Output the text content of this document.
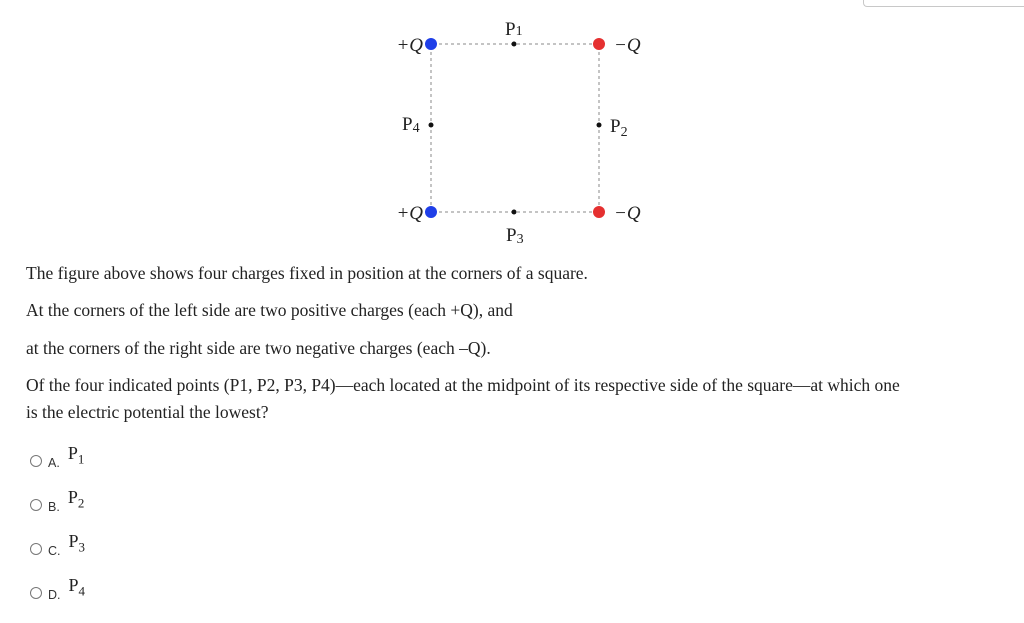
+Q	−Q
+Q	−Q
P1
$P_2$
P3
P4
The figure above shows four charges fixed in position at the corners of a square.
At the corners of the left side are two positive charges (each +Q), and
at the corners of the right side are two negative charges (each –Q).
Of the four indicated points (P1, P2, P3, P4)—each located at the midpoint of its respective side of the square—at which one
is the electric potential the lowest?
A.
$P_1$
B.
$P_2$
C.
$P_3$
D.
$P_4$
